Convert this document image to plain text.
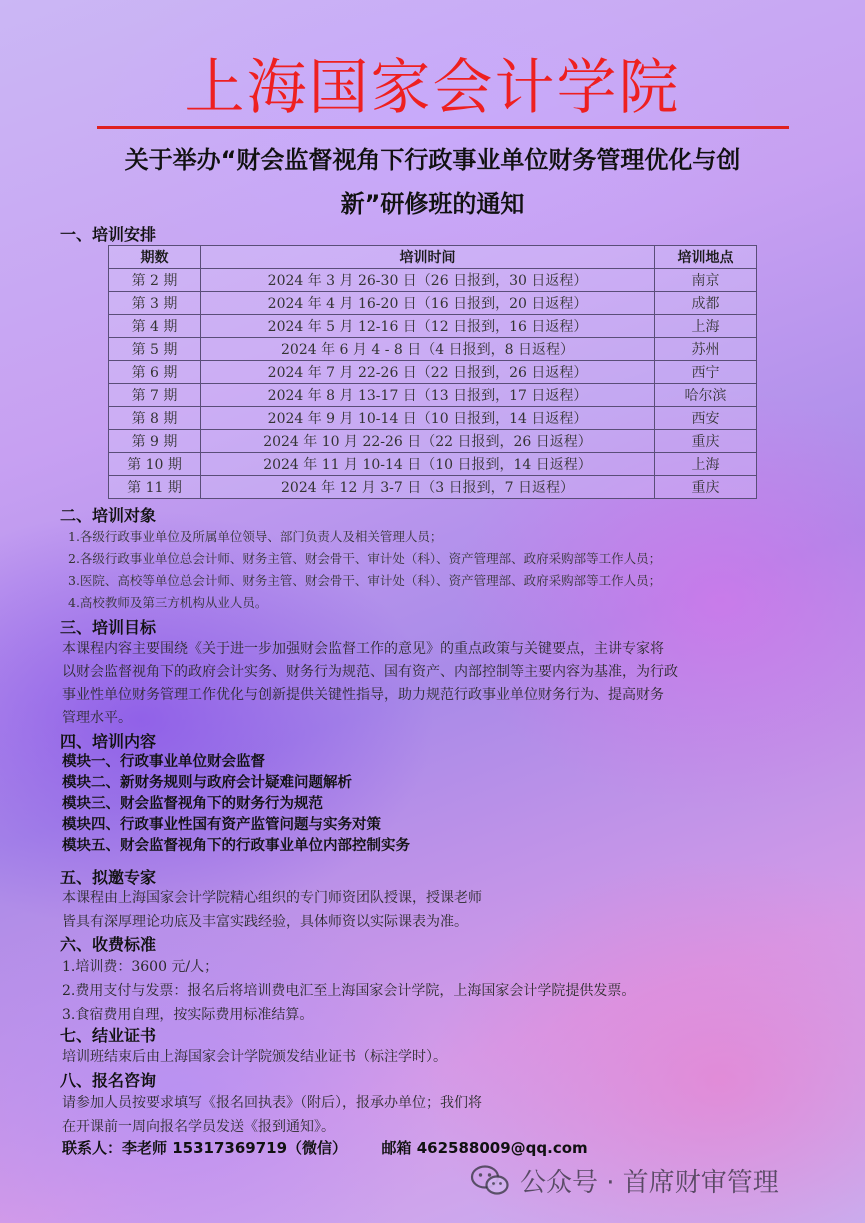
上海国家会计学院
关于举办“财会监督视角下行政事业单位财务管理优化与创
新”研修班的通知
一、培训安排
期数	培训时间	培训地点
第 2 期	2024 年 3 月 26-30 日（26 日报到，30 日返程）	南京
第 3 期	2024 年 4 月 16-20 日（16 日报到，20 日返程）	成都
第 4 期	2024 年 5 月 12-16 日（12 日报到，16 日返程）	上海
第 5 期	2024 年 6 月 4 - 8 日（4 日报到，8 日返程）	苏州
第 6 期	2024 年 7 月 22-26 日（22 日报到，26 日返程）	西宁
第 7 期	2024 年 8 月 13-17 日（13 日报到，17 日返程）	哈尔滨
第 8 期	2024 年 9 月 10-14 日（10 日报到，14 日返程）	西安
第 9 期	2024 年 10 月 22-26 日（22 日报到，26 日返程）	重庆
第 10 期	2024 年 11 月 10-14 日（10 日报到，14 日返程）	上海
第 11 期	2024 年 12 月 3-7 日（3 日报到，7 日返程）	重庆
二、培训对象
1.各级行政事业单位及所属单位领导、部门负责人及相关管理人员；
2.各级行政事业单位总会计师、财务主管、财会骨干、审计处（科）、资产管理部、政府采购部等工作人员；
3.医院、高校等单位总会计师、财务主管、财会骨干、审计处（科）、资产管理部、政府采购部等工作人员；
4.高校教师及第三方机构从业人员。
三、培训目标
本课程内容主要围绕《关于进一步加强财会监督工作的意见》的重点政策与关键要点，主讲专家将
以财会监督视角下的政府会计实务、财务行为规范、国有资产、内部控制等主要内容为基准，为行政
事业性单位财务管理工作优化与创新提供关键性指导，助力规范行政事业单位财务行为、提高财务
管理水平。
四、培训内容
模块一、行政事业单位财会监督
模块二、新财务规则与政府会计疑难问题解析
模块三、财会监督视角下的财务行为规范
模块四、行政事业性国有资产监管问题与实务对策
模块五、财会监督视角下的行政事业单位内部控制实务
五、拟邀专家
本课程由上海国家会计学院精心组织的专门师资团队授课，授课老师
皆具有深厚理论功底及丰富实践经验，具体师资以实际课表为准。
六、收费标准
1.培训费：3600 元/人；
2.费用支付与发票：报名后将培训费电汇至上海国家会计学院，上海国家会计学院提供发票。
3.食宿费用自理，按实际费用标准结算。
七、结业证书
培训班结束后由上海国家会计学院颁发结业证书（标注学时）。
八、报名咨询
请参加人员按要求填写《报名回执表》（附后），报承办单位；我们将
在开课前一周向报名学员发送《报到通知》。
联系人：李老师 15317369719（微信） 邮箱 462588009@qq.com
公众号 · 首席财审管理
